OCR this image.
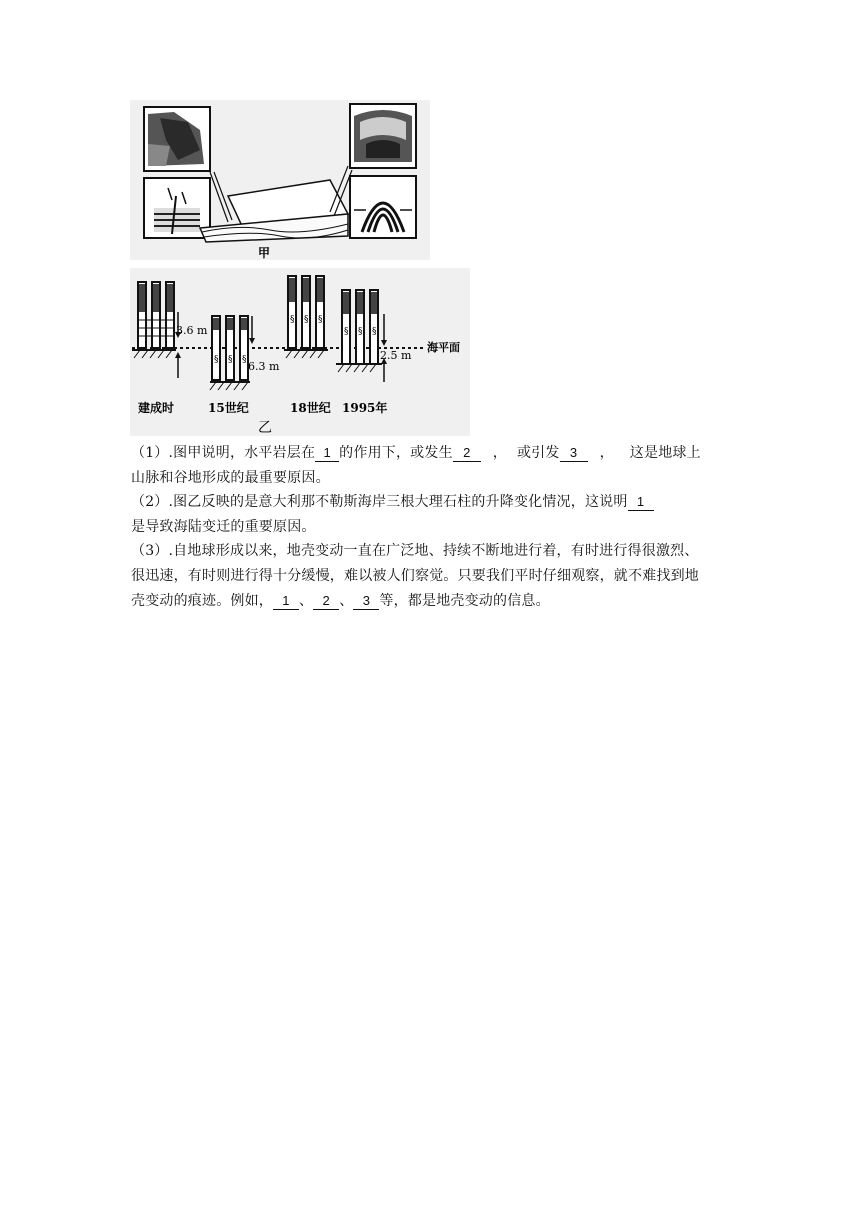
甲
海平面
3.6 m
§ § § 6.3 m
§ § §
§ § §
2.5 m
建成时	15世纪	18世纪 1995年
乙
（1）.图甲说明，水平岩层在 1 的作用下，或发生 2 ， 或引发 3 ， 这是地球上
山脉和谷地形成的最重要原因。
（2）.图乙反映的是意大利那不勒斯海岸三根大理石柱的升降变化情况，这说明 1
是导致海陆变迁的重要原因。
（3）.自地球形成以来，地壳变动一直在广泛地、持续不断地进行着，有时进行得很激烈、
很迅速，有时则进行得十分缓慢，难以被人们察觉。只要我们平时仔细观察，就不难找到地
壳变动的痕迹。例如， 1 、 2 、 3 等，都是地壳变动的信息。
